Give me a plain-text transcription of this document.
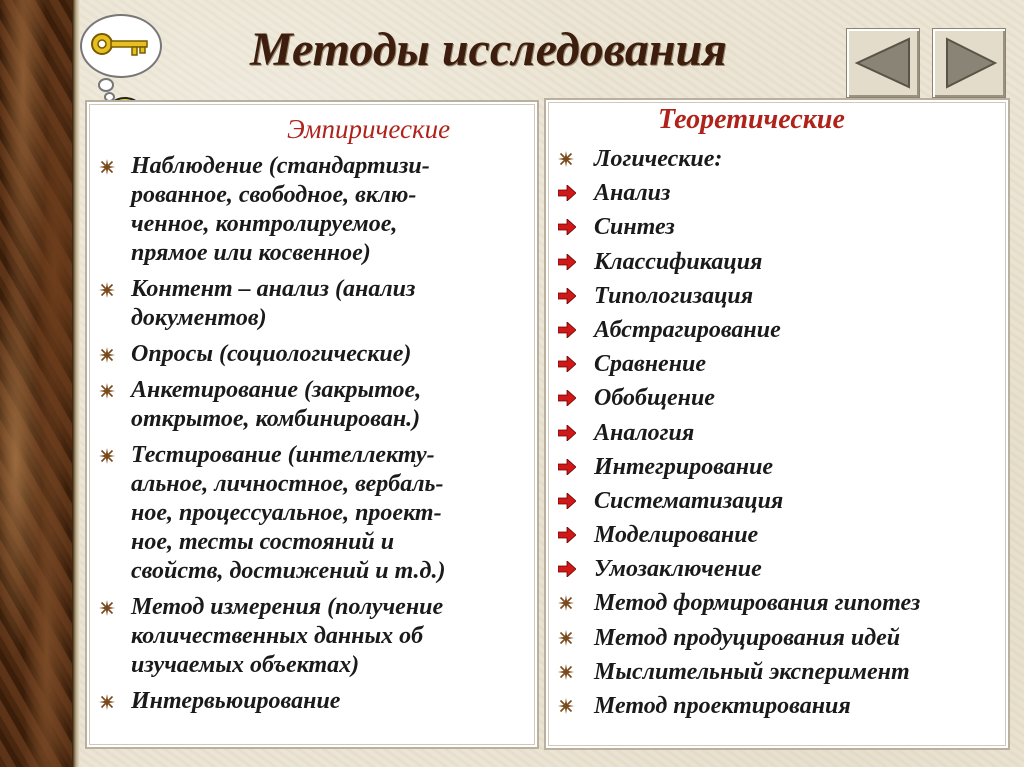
Методы исследования
Эмпирические
Наблюдение (стандартизи-
рованное, свободное, вклю-
ченное, контролируемое,
прямое или косвенное)
Контент – анализ (анализ
документов)
Опросы (социологические)
Анкетирование (закрытое,
открытое, комбинирован.)
Тестирование (интеллекту-
альное, личностное, вербаль-
ное, процессуальное, проект-
ное, тесты состояний и
свойств, достижений и т.д.)
Метод измерения (получение
количественных данных об
изучаемых объектах)
Интервьюирование
Теоретические
Логические:
Анализ
Синтез
Классификация
Типологизация
Абстрагирование
Сравнение
Обобщение
Аналогия
Интегрирование
Систематизация
Моделирование
Умозаключение
Метод формирования гипотез
Метод продуцирования идей
Мыслительный эксперимент
Метод проектирования
